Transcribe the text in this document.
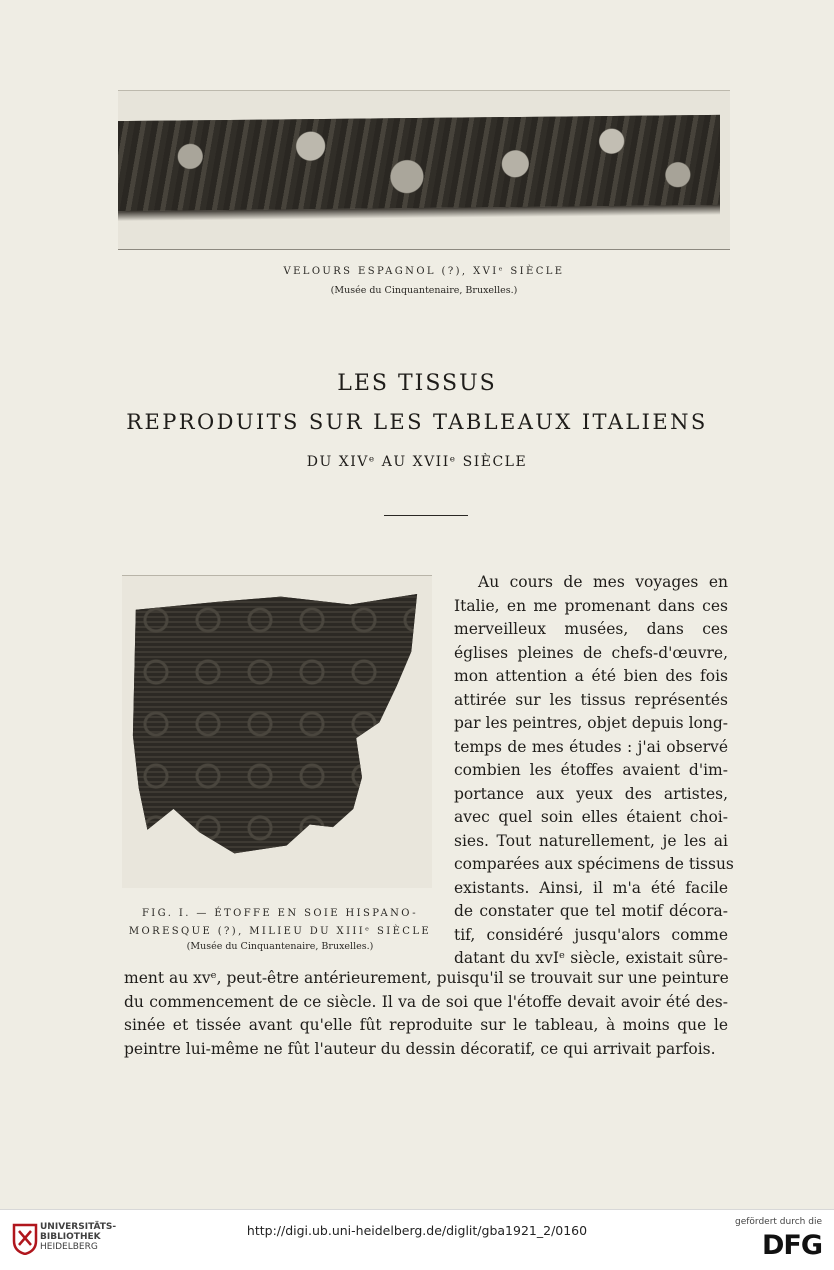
VELOURS ESPAGNOL (?), XVIᵉ SIÈCLE
(Musée du Cinquantenaire, Bruxelles.)
LES TISSUS
REPRODUITS SUR LES TABLEAUX ITALIENS
DU XIVᵉ AU XVIIᵉ SIÈCLE
FIG. I. — ÉTOFFE EN SOIE HISPANO-
MORESQUE (?), MILIEU DU XIIIᵉ SIÈCLE
(Musée du Cinquantenaire, Bruxelles.)
Au cours de mes voyages en
Italie, en me promenant dans ces
merveilleux musées, dans ces
églises pleines de chefs-d'œuvre,
mon attention a été bien des fois
attirée sur les tissus représentés
par les peintres, objet depuis long-
temps de mes études : j'ai observé
combien les étoffes avaient d'im-
portance aux yeux des artistes,
avec quel soin elles étaient choi-
sies. Tout naturellement, je les ai
comparées aux spécimens de tissus
existants. Ainsi, il m'a été facile
de constater que tel motif décora-
tif, considéré jusqu'alors comme
datant du xvIᵉ siècle, existait sûre-
ment au xvᵉ, peut-être antérieurement, puisqu'il se trouvait sur une peinture
du commencement de ce siècle. Il va de soi que l'étoffe devait avoir été des-
sinée et tissée avant qu'elle fût reproduite sur le tableau, à moins que le
peintre lui-même ne fût l'auteur du dessin décoratif, ce qui arrivait parfois.
UNIVERSITÄTS-
BIBLIOTHEK
HEIDELBERG
http://digi.ub.uni-heidelberg.de/diglit/gba1921_2/0160
gefördert durch die
DFG
